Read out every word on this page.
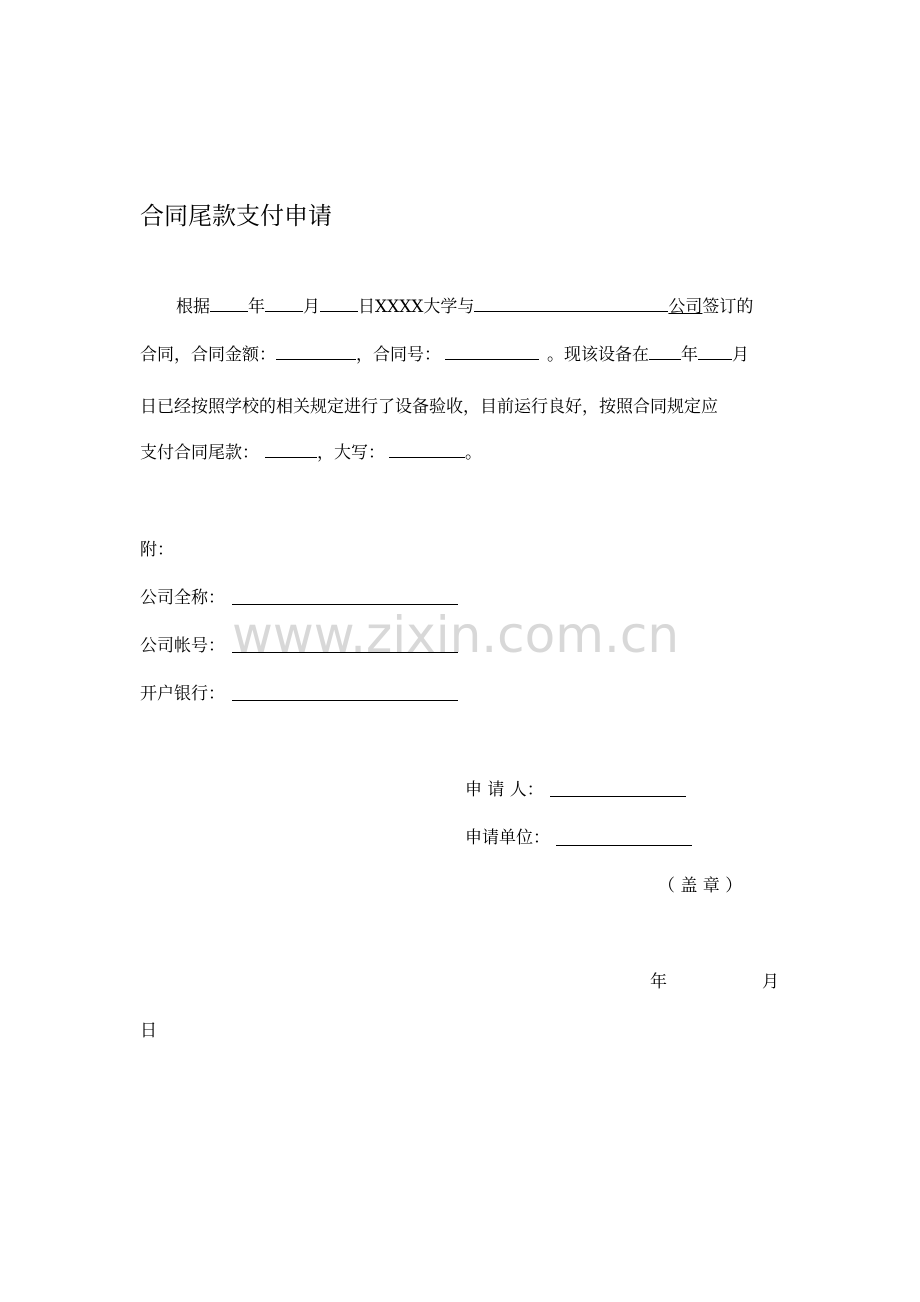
合同尾款支付申请
根据 年 月 日XXXX大学与	公司签订的
合同，合同金额：	，合同号：	。现该设备在 年 月
日已经按照学校的相关规定进行了设备验收，目前运行良好，按照合同规定应
支付合同尾款：	，大写：	。
附：
公司全称：
公司帐号：
开户银行：
www.zixin.com.cn
申 请 人：
申请单位：
（ 盖 章 ）
年	月
日
